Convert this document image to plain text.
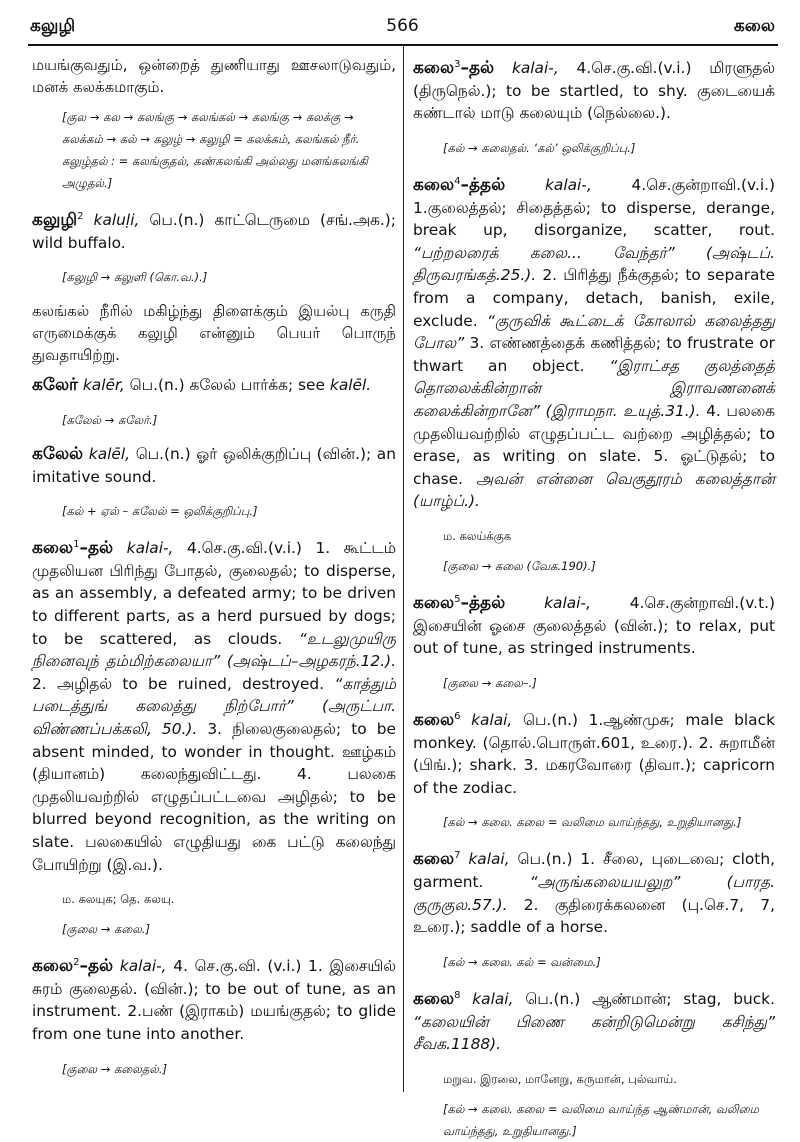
கலுழி	566	கலை

மயங்குவதும், ஒன்றைத் துணியாது ஊசலாடுவதும், மனக் கலக்கமாகும்.

[குல → கல → கலங்கு → கலங்கல் → கலங்கு → கலக்கு → கலக்கம் → கல் → கலுழ் → கலுழி = கலக்கம், கலங்கல் நீர். கலுழ்தல் : = கலங்குதல், கண்கலங்கி அல்லது மனங்கலங்கி அழுதல்.]

கலுழி$^2$ kaluḷi, பெ.(n.) காட்டெருமை (சங்.அக.); wild buffalo.

[கலுழி → கலுளி (கொ.வ.).]

கலங்கல் நீரில் மகிழ்ந்து திளைக்கும் இயல்பு கருதி எருமைக்குக் கலுழி என்னும் பெயர் பொருந் துவதாயிற்று.

கலேர் kalēr, பெ.(n.) கலேல் பார்க்க; see kalēl.

[கலேல் → கலேர்.]

கலேல் kalēl, பெ.(n.) ஓர் ஒலிக்குறிப்பு (வின்.); an imitative sound.

[கல் + ஏல் – கலேல் = ஒலிக்குறிப்பு.]

கலை$^1$–தல் kalai-, 4.செ.கு.வி.(v.i.) 1. கூட்டம் முதலியன பிரிந்து போதல், குலைதல்; to disperse, as an assembly, a defeated army; to be driven to different parts, as a herd pursued by dogs; to be scattered, as clouds. “உடலுமுயிரு நினைவுந் தம்மிற்கலையா” (அஷ்டப்–அழகரந்.12.). 2. அழிதல் to be ruined, destroyed. “காத்தும் படைத்துங் கலைத்து நிற்போர்” (அருட்பா. விண்ணப்பக்கலி, 50.). 3. நிலைகுலைதல்; to be absent minded, to wonder in thought. ஊழ்கம் (தியானம்) கலைந்துவிட்டது. 4. பலகை முதலியவற்றில் எழுதப்பட்டவை அழிதல்; to be blurred beyond recognition, as the writing on slate. பலகையில் எழுதியது கை பட்டு கலைந்து போயிற்று (இ.வ.).

ம. கலயுக; தெ. கலயு.

[குலை → கலை.]

கலை$^2$–தல் kalai-, 4. செ.கு.வி. (v.i.) 1. இசையில் சுரம் குலைதல். (வின்.); to be out of tune, as an instrument. 2.பண் (இராகம்) மயங்குதல்; to glide from one tune into another.

[குலை → கலைதல்.]

கலை$^3$–தல் kalai-, 4.செ.கு.வி.(v.i.) மிரளுதல் (திருநெல்.); to be startled, to shy. குடையைக் கண்டால் மாடு கலையும் (நெல்லை.).

[கல் → கலைதல். ‘கல்’ ஒலிக்குறிப்பு.]

கலை$^4$–த்தல்	kalai-,	4.செ.குன்றாவி.(v.i.) 1.குலைத்தல்; சிதைத்தல்; to disperse, derange, break up, disorganize, scatter, rout. “பற்றலரைக் கலை... வேந்தர்” (அஷ்டப். திருவரங்கத்.25.). 2. பிரித்து நீக்குதல்; to separate from a company, detach, banish, exile, exclude. “குருவிக் கூட்டைக் கோலால் கலைத்தது போல” 3. எண்ணத்தைக் கணித்தல்; to frustrate or thwart an object. “இராட்சத குலத்தைத் தொலைக்கின்றான் இராவணனைக் கலைக்கின்றானே” (இராமநா. உயுத்.31.). 4. பலகை முதலியவற்றில் எழுதப்பட்ட வற்றை அழித்தல்; to erase, as writing on slate. 5. ஓட்டுதல்; to chase. அவன் என்னை வெகுதூரம் கலைத்தான் (யாழ்ப்.).

ம. கலய்க்குக

[குலை → கலை (வேக.190).]

கலை$^5$–த்தல்	kalai-,	4.செ.குன்றாவி.(v.t.) இசையின் ஓசை குலைத்தல் (வின்.); to relax, put out of tune, as stringed instruments.

[குலை → கலை–.]

கலை$^6$ kalai, பெ.(n.) 1.ஆண்முசு; male black monkey. (தொல்.பொருள்.601, உரை.). 2. சுறாமீன் (பிங்.); shark. 3. மகரவோரை (திவா.); capricorn of the zodiac.

[கல் → கலை. கலை = வலிமை வாய்ந்தது, உறுதியானது.]

கலை$^7$ kalai, பெ.(n.) 1. சீலை, புடைவை; cloth, garment.	“அருங்கலையயலுற” (பாரத. குருகுல.57.). 2. குதிரைக்கலனை (பு.செ.7, 7, உரை.); saddle of a horse.

[கல் → கலை. கல் = வன்மை.]

கலை$^8$ kalai, பெ.(n.) ஆண்மான்; stag, buck. “கலையின் பிணை கன்றிடுமென்று கசிந்து” சீவக.1188).

மறுவ. இரலை, மானேறு, கருமான், புல்வாய்.

[கல் → கலை. கலை = வலிமை வாய்ந்த ஆண்மான், வலிமை வாய்ந்தது, உறுதியானது.]
